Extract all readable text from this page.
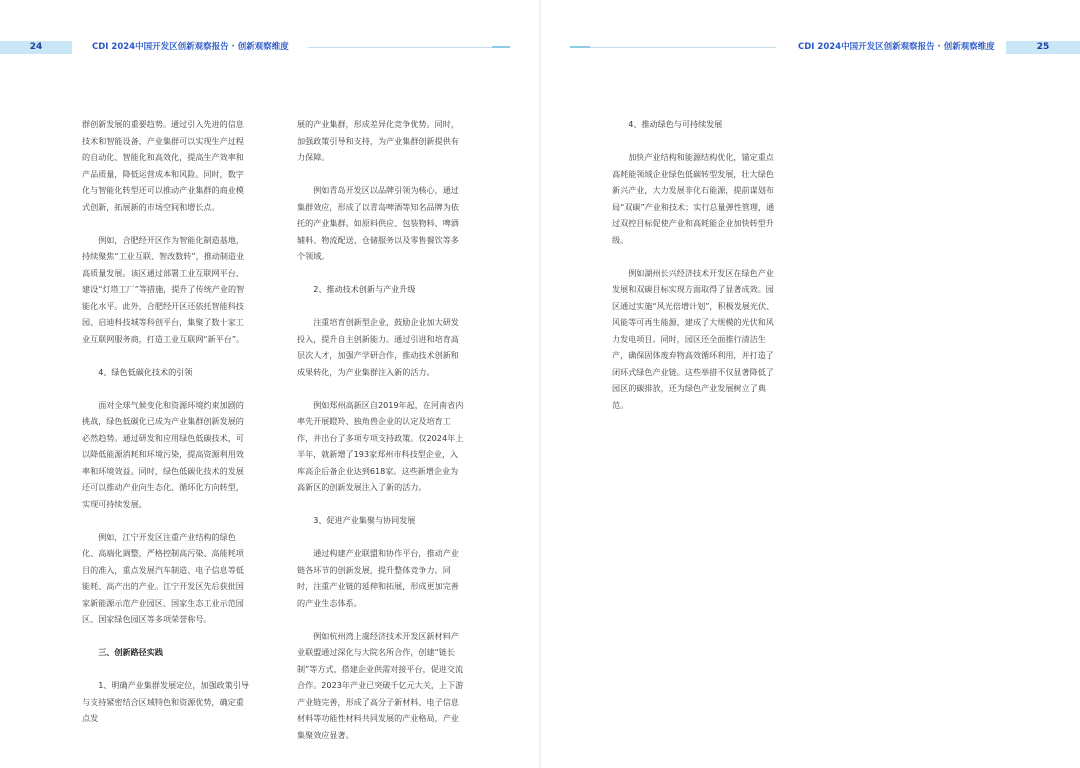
24	CDI 2024中国开发区创新观察报告 · 创新观察维度	CDI 2024中国开发区创新观察报告 · 创新观察维度	25

群创新发展的重要趋势。通过引入先进的信息技术和智能设备，产业集群可以实现生产过程的自动化、智能化和高效化，提高生产效率和产品质量，降低运营成本和风险。同时，数字化与智能化转型还可以推动产业集群的商业模式创新，拓展新的市场空间和增长点。

例如，合肥经开区作为智能化制造基地，持续聚焦“工业互联、智改数转”，推动制造业高质量发展。该区通过部署工业互联网平台、建设“灯塔工厂”等措施，提升了传统产业的智能化水平。此外，合肥经开区还依托智能科技园、启迪科技城等科创平台，集聚了数十家工业互联网服务商，打造工业互联网“新平台”。

4、绿色低碳化技术的引领

面对全球气候变化和资源环境约束加剧的挑战，绿色低碳化已成为产业集群创新发展的必然趋势。通过研发和应用绿色低碳技术，可以降低能源消耗和环境污染，提高资源利用效率和环境效益。同时，绿色低碳化技术的发展还可以推动产业向生态化、循环化方向转型，实现可持续发展。

例如，江宁开发区注重产业结构的绿色化、高端化调整，严格控制高污染、高能耗项目的准入，重点发展汽车制造、电子信息等低能耗、高产出的产业。江宁开发区先后获批国家新能源示范产业园区、国家生态工业示范园区、国家绿色园区等多项荣誉称号。

三、创新路径实践

1、明确产业集群发展定位，加强政策引导与支持紧密结合区域特色和资源优势，确定重点发

展的产业集群，形成差异化竞争优势。同时，加强政策引导和支持，为产业集群创新提供有力保障。

例如青岛开发区以品牌引领为核心，通过集群效应，形成了以青岛啤酒等知名品牌为依托的产业集群。如原料供应、包装物料、啤酒辅料、物流配送、仓储服务以及零售餐饮等多个领域。

2、推动技术创新与产业升级

注重培育创新型企业，鼓励企业加大研发投入，提升自主创新能力。通过引进和培育高层次人才，加强产学研合作，推动技术创新和成果转化，为产业集群注入新的活力。

例如郑州高新区自2019年起，在河南省内率先开展瞪羚、独角兽企业的认定及培育工作，并出台了多项专项支持政策。仅2024年上半年，就新增了193家郑州市科技型企业，入库高企后备企业达到618家。这些新增企业为高新区的创新发展注入了新的活力。

3、促进产业集聚与协同发展

通过构建产业联盟和协作平台，推动产业链各环节的创新发展，提升整体竞争力。同时，注重产业链的延伸和拓展，形成更加完善的产业生态体系。

例如杭州湾上虞经济技术开发区新材料产业联盟通过深化与大院名所合作，创建“链长制”等方式，搭建企业供需对接平台，促进交流合作。2023年产业已突破千亿元大关，上下游产业链完善，形成了高分子新材料、电子信息材料等功能性材料共同发展的产业格局，产业集聚效应显著。

4、推动绿色与可持续发展

加快产业结构和能源结构优化，锚定重点高耗能领域企业绿色低碳转型发展，壮大绿色新兴产业，大力发展非化石能源，提前谋划布局“双碳”产业和技术；实行总量弹性管理，通过双控目标促使产业和高耗能企业加快转型升级。

例如湖州长兴经济技术开发区在绿色产业发展和双碳目标实现方面取得了显著成效。园区通过实施“风光倍增计划”，积极发展光伏、风能等可再生能源，建成了大规模的光伏和风力发电项目。同时，园区还全面推行清洁生产，确保固体废弃物高效循环利用，并打造了闭环式绿色产业链。这些举措不仅显著降低了园区的碳排放，还为绿色产业发展树立了典范。
